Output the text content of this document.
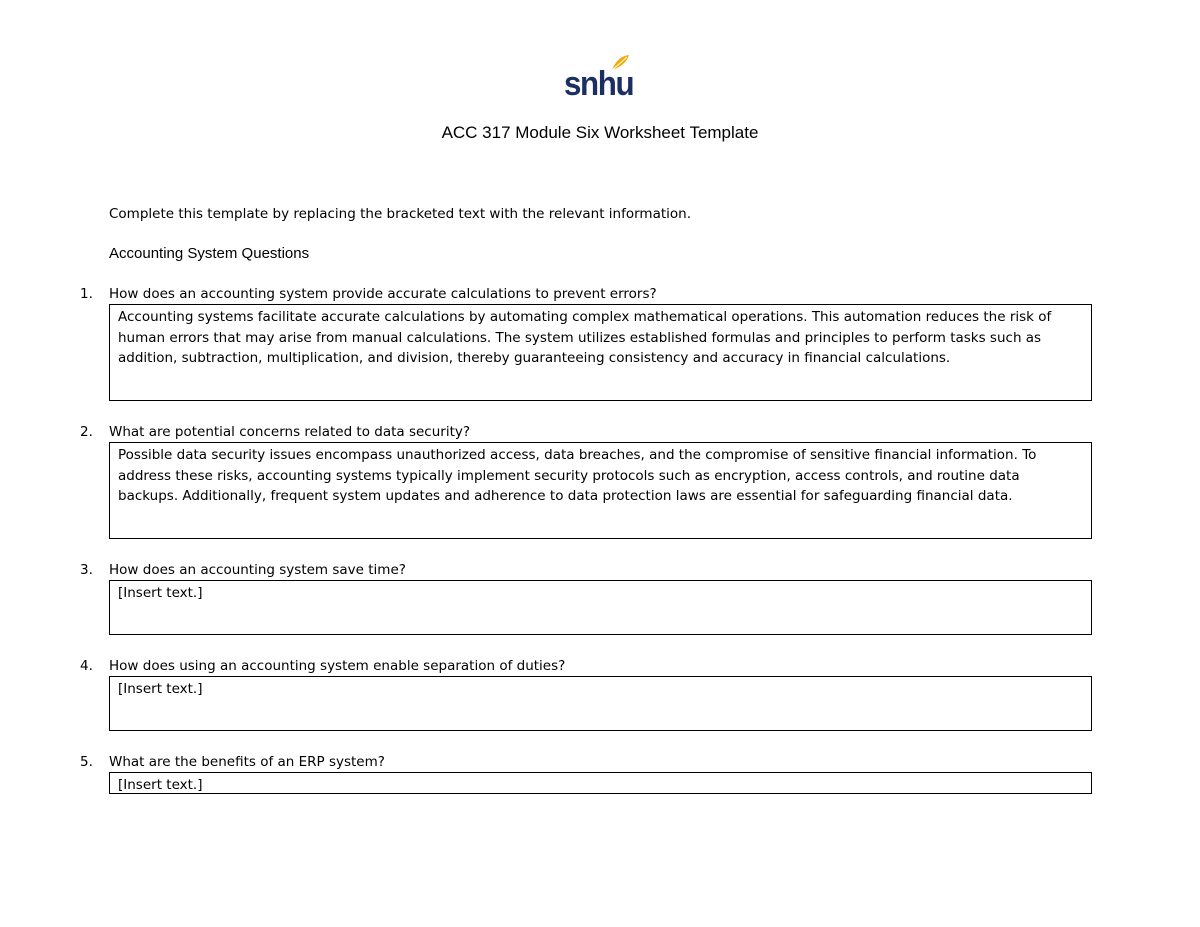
snhu
ACC 317 Module Six Worksheet Template
Complete this template by replacing the bracketed text with the relevant information.
Accounting System Questions
1. How does an accounting system provide accurate calculations to prevent errors?
Accounting systems facilitate accurate calculations by automating complex mathematical operations. This automation reduces the risk of human errors that may arise from manual calculations. The system utilizes established formulas and principles to perform tasks such as addition, subtraction, multiplication, and division, thereby guaranteeing consistency and accuracy in financial calculations.
2. What are potential concerns related to data security?
Possible data security issues encompass unauthorized access, data breaches, and the compromise of sensitive financial information. To address these risks, accounting systems typically implement security protocols such as encryption, access controls, and routine data backups. Additionally, frequent system updates and adherence to data protection laws are essential for safeguarding financial data.
3. How does an accounting system save time?
[Insert text.]
4. How does using an accounting system enable separation of duties?
[Insert text.]
5. What are the benefits of an ERP system?
[Insert text.]
